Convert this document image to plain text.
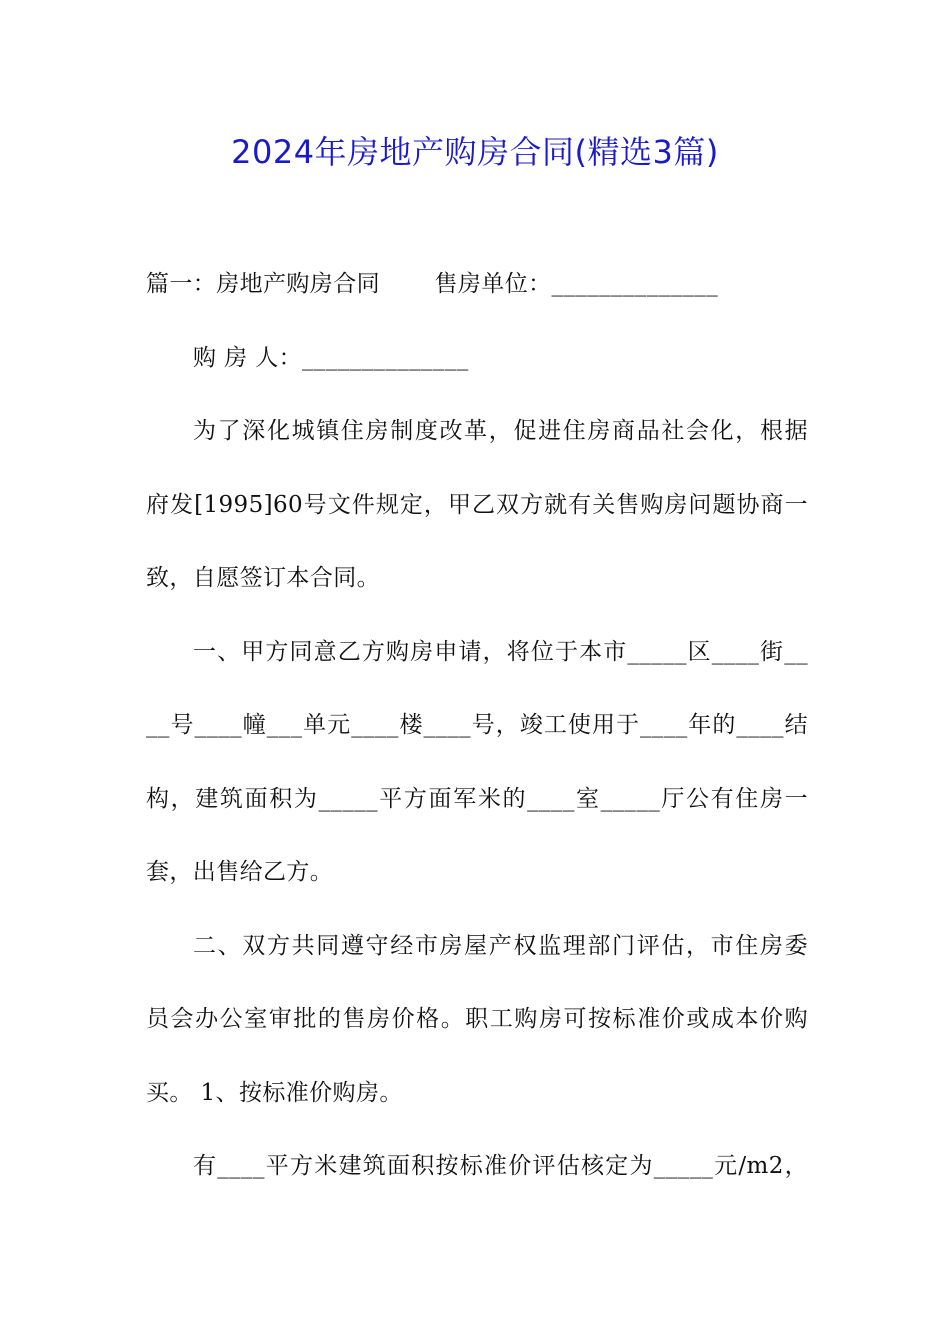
2024年房地产购房合同(精选3篇)
篇一：房地产购房合同　　 售房单位：______________
购 房 人：______________
为了深化城镇住房制度改革，促进住房商品社会化，根据
府发[1995]60号文件规定，甲乙双方就有关售购房问题协商一
致，自愿签订本合同。
一、甲方同意乙方购房申请，将位于本市_____区____街__
__号____幢___单元____楼____号，竣工使用于____年的____结
构，建筑面积为_____平方面军米的____室_____厅公有住房一
套，出售给乙方。
二、双方共同遵守经市房屋产权监理部门评估，市住房委
员会办公室审批的售房价格。职工购房可按标准价或成本价购
买。 1、按标准价购房。
有____平方米建筑面积按标准价评估核定为_____元/m2，
